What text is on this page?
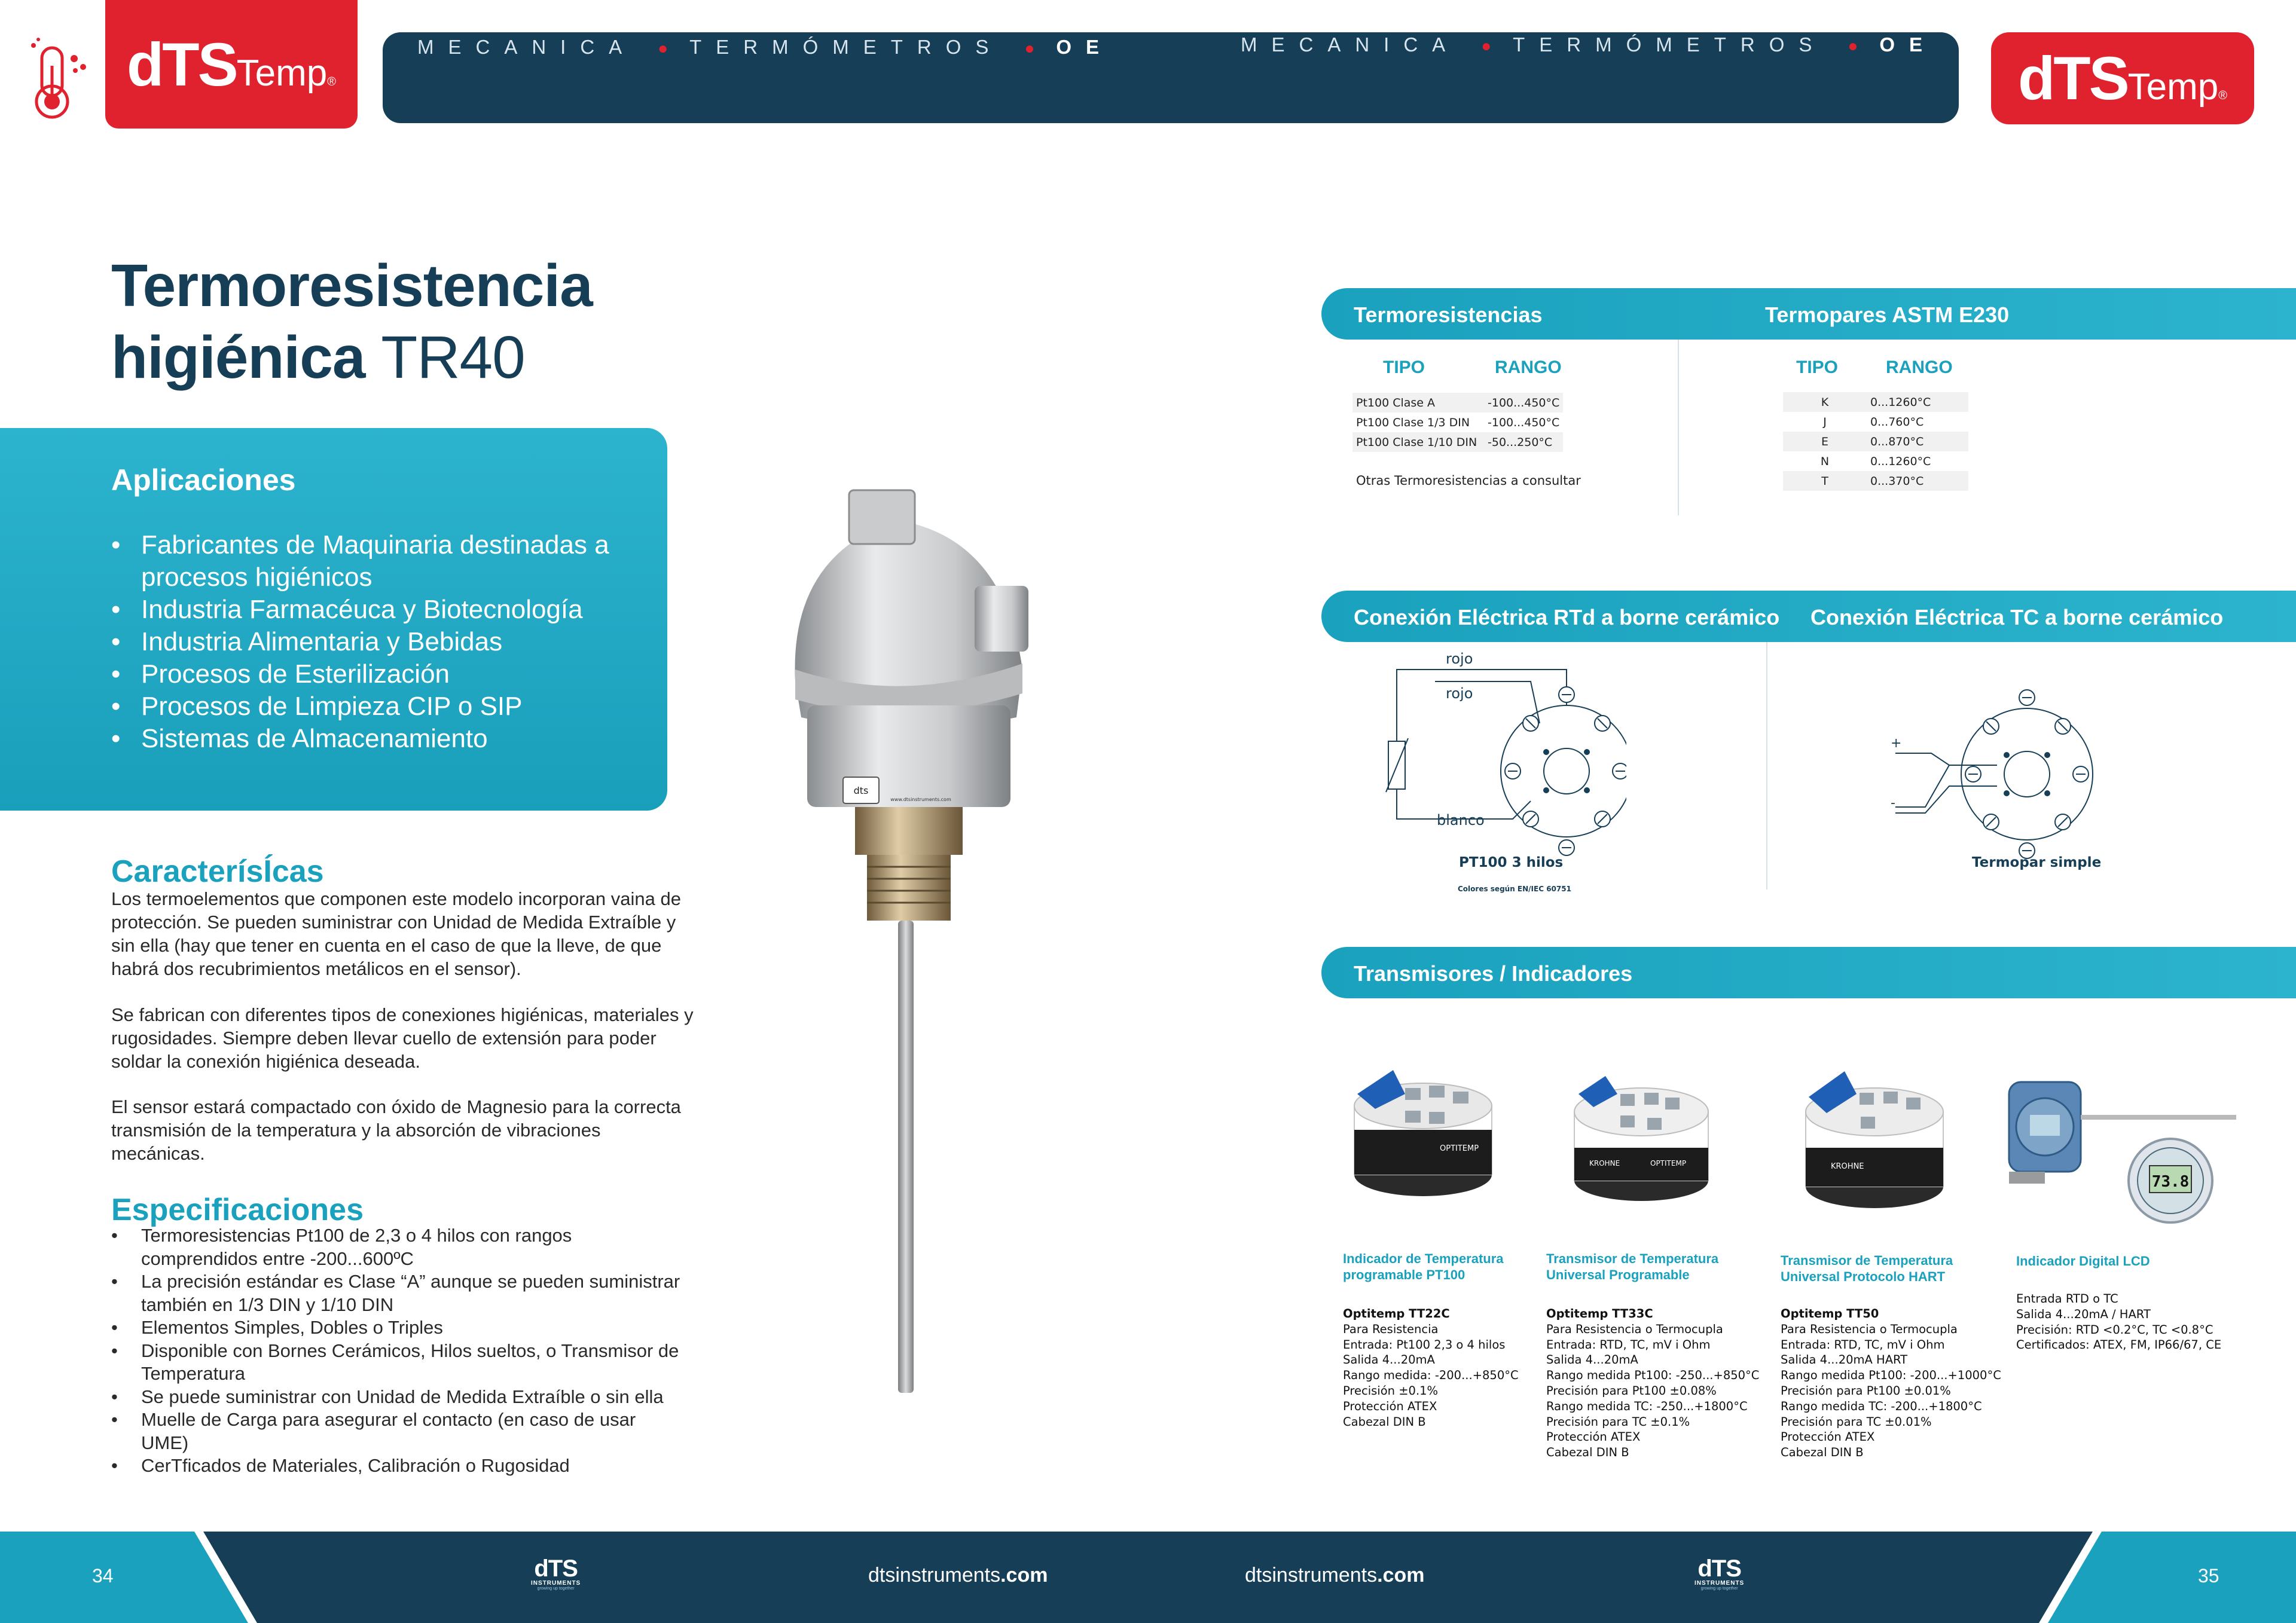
dTSTemp®
MECANICA ● TERMÓMETROS ● OE	MECANICA ● TERMÓMETROS ● OE dTSTemp®
Termoresistencia
higiénica TR40
Aplicaciones
• Fabricantes de Maquinaria destinadas a procesos higiénicos
• Industria Farmacéuca y Biotecnología
• Industria Alimentaria y Bebidas
• Procesos de Esterilización
• Procesos de Limpieza CIP o SIP
• Sistemas de Almacenamiento
CaracterísÍcas
Los termoelementos que componen este modelo incorporan vaina de protección. Se pueden suministrar con Unidad de Medida Extraíble y sin ella (hay que tener en cuenta en el caso de que la lleve, de que habrá dos recubrimientos metálicos en el sensor).
Se fabrican con diferentes tipos de conexiones higiénicas, materiales y rugosidades. Siempre deben llevar cuello de extensión para poder soldar la conexión higiénica deseada.
El sensor estará compactado con óxido de Magnesio para la correcta transmisión de la temperatura y la absorción de vibraciones mecánicas.
Especificaciones
• Termoresistencias Pt100 de 2,3 o 4 hilos con rangos comprendidos entre -200...600ºC
• La precisión estándar es Clase “A” aunque se pueden suministrar también en 1/3 DIN y 1/10 DIN
• Elementos Simples, Dobles o Triples
• Disponible con Bornes Cerámicos, Hilos sueltos, o Transmisor de Temperatura
• Se puede suministrar con Unidad de Medida Extraíble o sin ella
• Muelle de Carga para asegurar el contacto (en caso de usar UME)
• CerTficados de Materiales, Calibración o Rugosidad
dts
www.dtsinstruments.com
Termoresistencias	Termopares ASTM E230
TIPO	RANGO
Pt100 Clase A	-100...450°C
Pt100 Clase 1/3 DIN	-100...450°C
Pt100 Clase 1/10 DIN	-50...250°C
Otras Termoresistencias a consultar
TIPO	RANGO
K	0...1260°C
J	0...760°C
E	0...870°C
N	0...1260°C
T	0...370°C
Conexión Eléctrica RTd a borne cerámico Conexión Eléctrica TC a borne cerámico
rojo
rojo
blanco
PT100 3 hilos
Colores según EN/IEC 60751
+
-
Termopar simple
Transmisores / Indicadores
OPTITEMP
KROHNE	OPTITEMP	KROHNE
73.8
Indicador de Temperatura programable PT100
Optitemp TT22C
Para Resistencia
Entrada: Pt100 2,3 o 4 hilos
Salida 4...20mA
Rango medida: -200...+850°C
Precisión ±0.1%
Protección ATEX
Cabezal DIN B
Transmisor de Temperatura Universal Programable
Optitemp TT33C
Para Resistencia o Termocupla
Entrada: RTD, TC, mV i Ohm
Salida 4...20mA
Rango medida Pt100: -250...+850°C
Precisión para Pt100 ±0.08%
Rango medida TC: -250...+1800°C
Precisión para TC ±0.1%
Protección ATEX
Cabezal DIN B
Transmisor de Temperatura Universal Protocolo HART
Optitemp TT50
Para Resistencia o Termocupla
Entrada: RTD, TC, mV i Ohm
Salida 4...20mA HART
Rango medida Pt100: -200...+1000°C
Precisión para Pt100 ±0.01%
Rango medida TC: -200...+1800°C
Precisión para TC ±0.01%
Protección ATEX
Cabezal DIN B
Indicador Digital LCD
Entrada RTD o TC
Salida 4...20mA / HART
Precisión: RTD <0.2°C, TC <0.8°C
Certificados: ATEX, FM, IP66/67, CE
34	35
dTS
INSTRUMENTS
growing up together
dTS
INSTRUMENTS
growing up together
dtsinstruments.com	dtsinstruments.com
